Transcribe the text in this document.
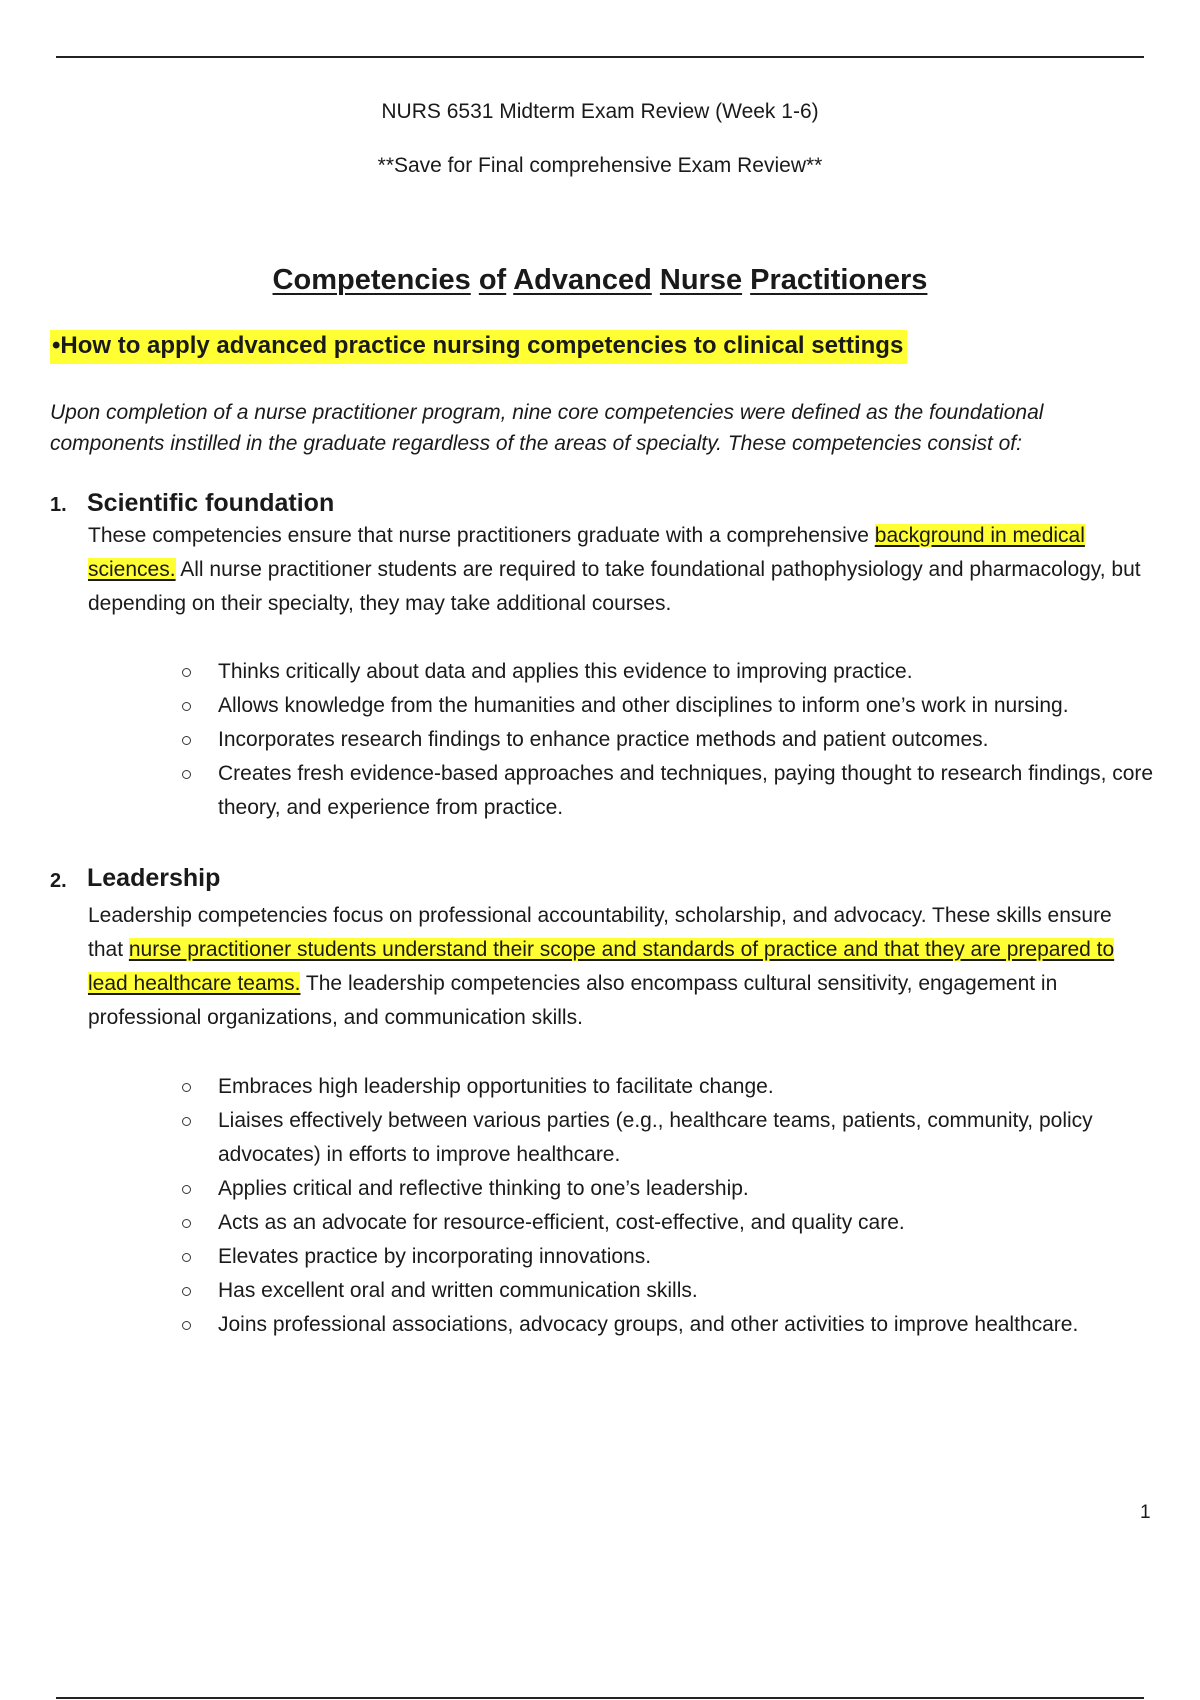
NURS 6531 Midterm Exam Review (Week 1-6)
**Save for Final comprehensive Exam Review**
Competencies of Advanced Nurse Practitioners
•How to apply advanced practice nursing competencies to clinical settings
Upon completion of a nurse practitioner program, nine core competencies were defined as the foundational components instilled in the graduate regardless of the areas of specialty. These competencies consist of:
1. Scientific foundation
These competencies ensure that nurse practitioners graduate with a comprehensive background in medical sciences. All nurse practitioner students are required to take foundational pathophysiology and pharmacology, but depending on their specialty, they may take additional courses.
Thinks critically about data and applies this evidence to improving practice.
Allows knowledge from the humanities and other disciplines to inform one’s work in nursing.
Incorporates research findings to enhance practice methods and patient outcomes.
Creates fresh evidence-based approaches and techniques, paying thought to research findings, core theory, and experience from practice.
2. Leadership
Leadership competencies focus on professional accountability, scholarship, and advocacy. These skills ensure that nurse practitioner students understand their scope and standards of practice and that they are prepared to lead healthcare teams. The leadership competencies also encompass cultural sensitivity, engagement in professional organizations, and communication skills.
Embraces high leadership opportunities to facilitate change.
Liaises effectively between various parties (e.g., healthcare teams, patients, community, policy advocates) in efforts to improve healthcare.
Applies critical and reflective thinking to one’s leadership.
Acts as an advocate for resource-efficient, cost-effective, and quality care.
Elevates practice by incorporating innovations.
Has excellent oral and written communication skills.
Joins professional associations, advocacy groups, and other activities to improve healthcare.
1
